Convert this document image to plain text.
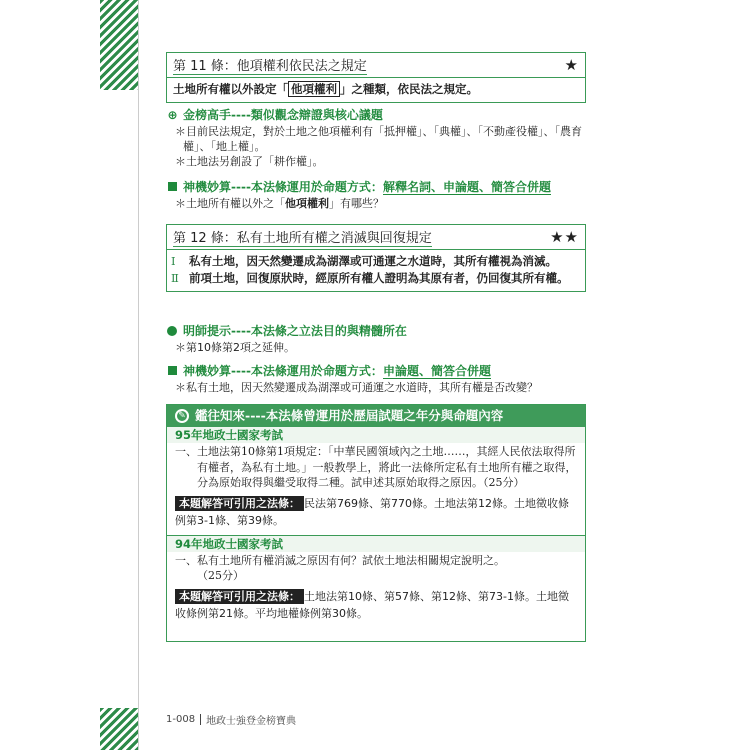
第 11 條：他項權利依民法之規定	★
土地所有權以外設定「 他項權利 」之種類，依民法之規定。
⊕ 金榜高手----類似觀念辯證與核心議題
＊目前民法規定，對於土地之他項權利有「抵押權」、「典權」、「不動產役權」、「農育權」、「地上權」。
＊土地法另創設了「耕作權」。
神機妙算----本法條運用於命題方式：解釋名詞、申論題、簡答合併題
＊土地所有權以外之「他項權利」有哪些？
第 12 條：私有土地所有權之消滅與回復規定	★★
Ⅰ	私有土地，因天然變遷成為湖澤或可通運之水道時，其所有權視為消滅。
Ⅱ 前項土地，回復原狀時，經原所有權人證明為其原有者，仍回復其所有權。
明師提示----本法條之立法目的與精髓所在
＊第10條第2項之延伸。
神機妙算----本法條運用於命題方式：申論題、簡答合併題
＊私有土地，因天然變遷成為湖澤或可通運之水道時，其所有權是否改變？
✎ 鑑往知來----本法條曾運用於歷屆試題之年分與命題內容
95年地政士國家考試
一、土地法第10條第1項規定：「中華民國領域內之土地……，其經人民依法取得所有權者，為私有土地。」一般教學上，將此一法條所定私有土地所有權之取得，分為原始取得與繼受取得二種。試申述其原始取得之原因。（25分）
本題解答可引用之法條： 民法第769條、第770條。土地法第12條。土地徵收條例第3-1條、第39條。
94年地政士國家考試
一、私有土地所有權消滅之原因有何？試依土地法相關規定說明之。
（25分）
本題解答可引用之法條： 土地法第10條、第57條、第12條、第73-1條。土地徵收條例第21條。平均地權條例第30條。
1-008	地政士強登金榜寶典
